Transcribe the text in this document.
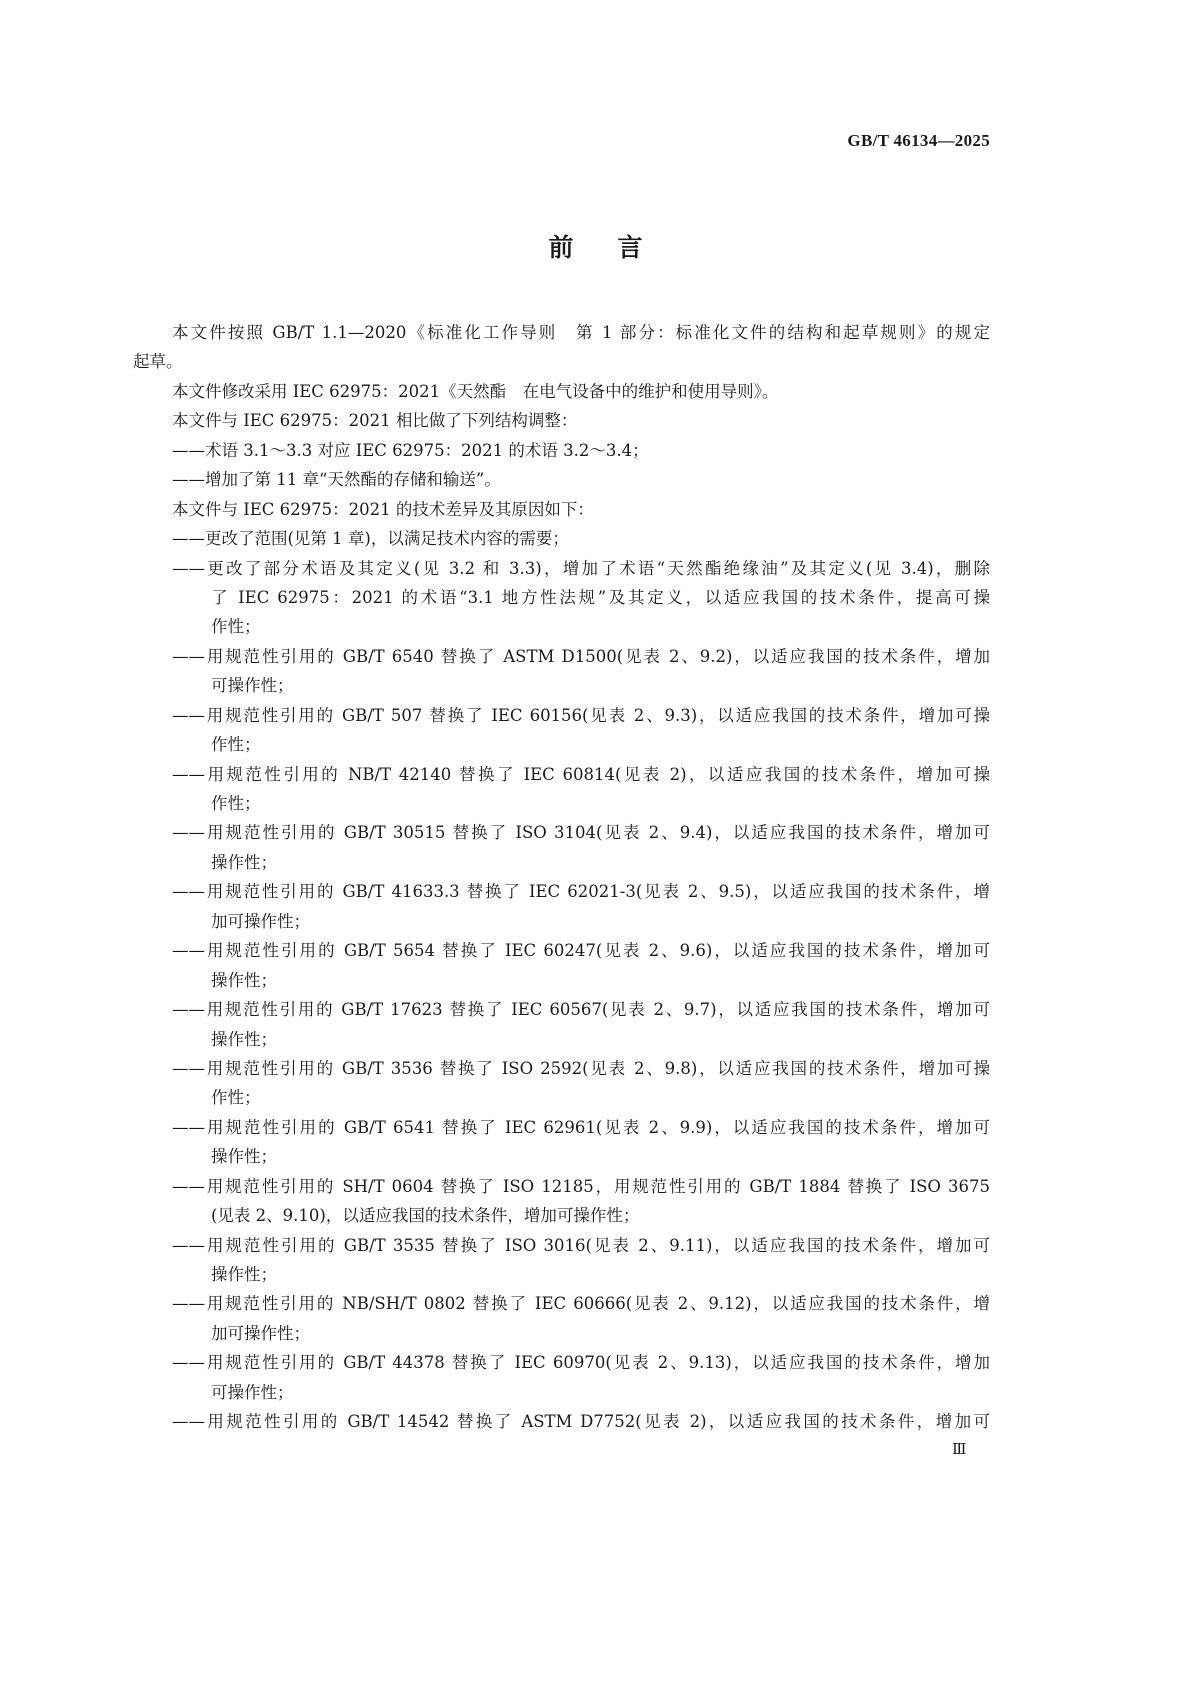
GB/T 46134—2025
前 言
本文件按照 GB/T 1.1—2020《标准化工作导则　第 1 部分：标准化文件的结构和起草规则》的规定
起草。
本文件修改采用 IEC 62975：2021《天然酯　在电气设备中的维护和使用导则》。
本文件与 IEC 62975：2021 相比做了下列结构调整：
——术语 3.1～3.3 对应 IEC 62975：2021 的术语 3.2～3.4；
——增加了第 11 章“天然酯的存储和输送”。
本文件与 IEC 62975：2021 的技术差异及其原因如下：
——更改了范围(见第 1 章)，以满足技术内容的需要；
——更改了部分术语及其定义(见 3.2 和 3.3)，增加了术语“天然酯绝缘油”及其定义(见 3.4)，删除
了 IEC 62975：2021 的术语“3.1 地方性法规”及其定义，以适应我国的技术条件，提高可操
作性；
——用规范性引用的 GB/T 6540 替换了 ASTM D1500(见表 2、9.2)，以适应我国的技术条件，增加
可操作性；
——用规范性引用的 GB/T 507 替换了 IEC 60156(见表 2、9.3)，以适应我国的技术条件，增加可操
作性；
——用规范性引用的 NB/T 42140 替换了 IEC 60814(见表 2)，以适应我国的技术条件，增加可操
作性；
——用规范性引用的 GB/T 30515 替换了 ISO 3104(见表 2、9.4)，以适应我国的技术条件，增加可
操作性；
——用规范性引用的 GB/T 41633.3 替换了 IEC 62021-3(见表 2、9.5)，以适应我国的技术条件，增
加可操作性；
——用规范性引用的 GB/T 5654 替换了 IEC 60247(见表 2、9.6)，以适应我国的技术条件，增加可
操作性；
——用规范性引用的 GB/T 17623 替换了 IEC 60567(见表 2、9.7)，以适应我国的技术条件，增加可
操作性；
——用规范性引用的 GB/T 3536 替换了 ISO 2592(见表 2、9.8)，以适应我国的技术条件，增加可操
作性；
——用规范性引用的 GB/T 6541 替换了 IEC 62961(见表 2、9.9)，以适应我国的技术条件，增加可
操作性；
——用规范性引用的 SH/T 0604 替换了 ISO 12185，用规范性引用的 GB/T 1884 替换了 ISO 3675
(见表 2、9.10)，以适应我国的技术条件，增加可操作性；
——用规范性引用的 GB/T 3535 替换了 ISO 3016(见表 2、9.11)，以适应我国的技术条件，增加可
操作性；
——用规范性引用的 NB/SH/T 0802 替换了 IEC 60666(见表 2、9.12)，以适应我国的技术条件，增
加可操作性；
——用规范性引用的 GB/T 44378 替换了 IEC 60970(见表 2、9.13)，以适应我国的技术条件，增加
可操作性；
——用规范性引用的 GB/T 14542 替换了 ASTM D7752(见表 2)，以适应我国的技术条件，增加可
Ⅲ
